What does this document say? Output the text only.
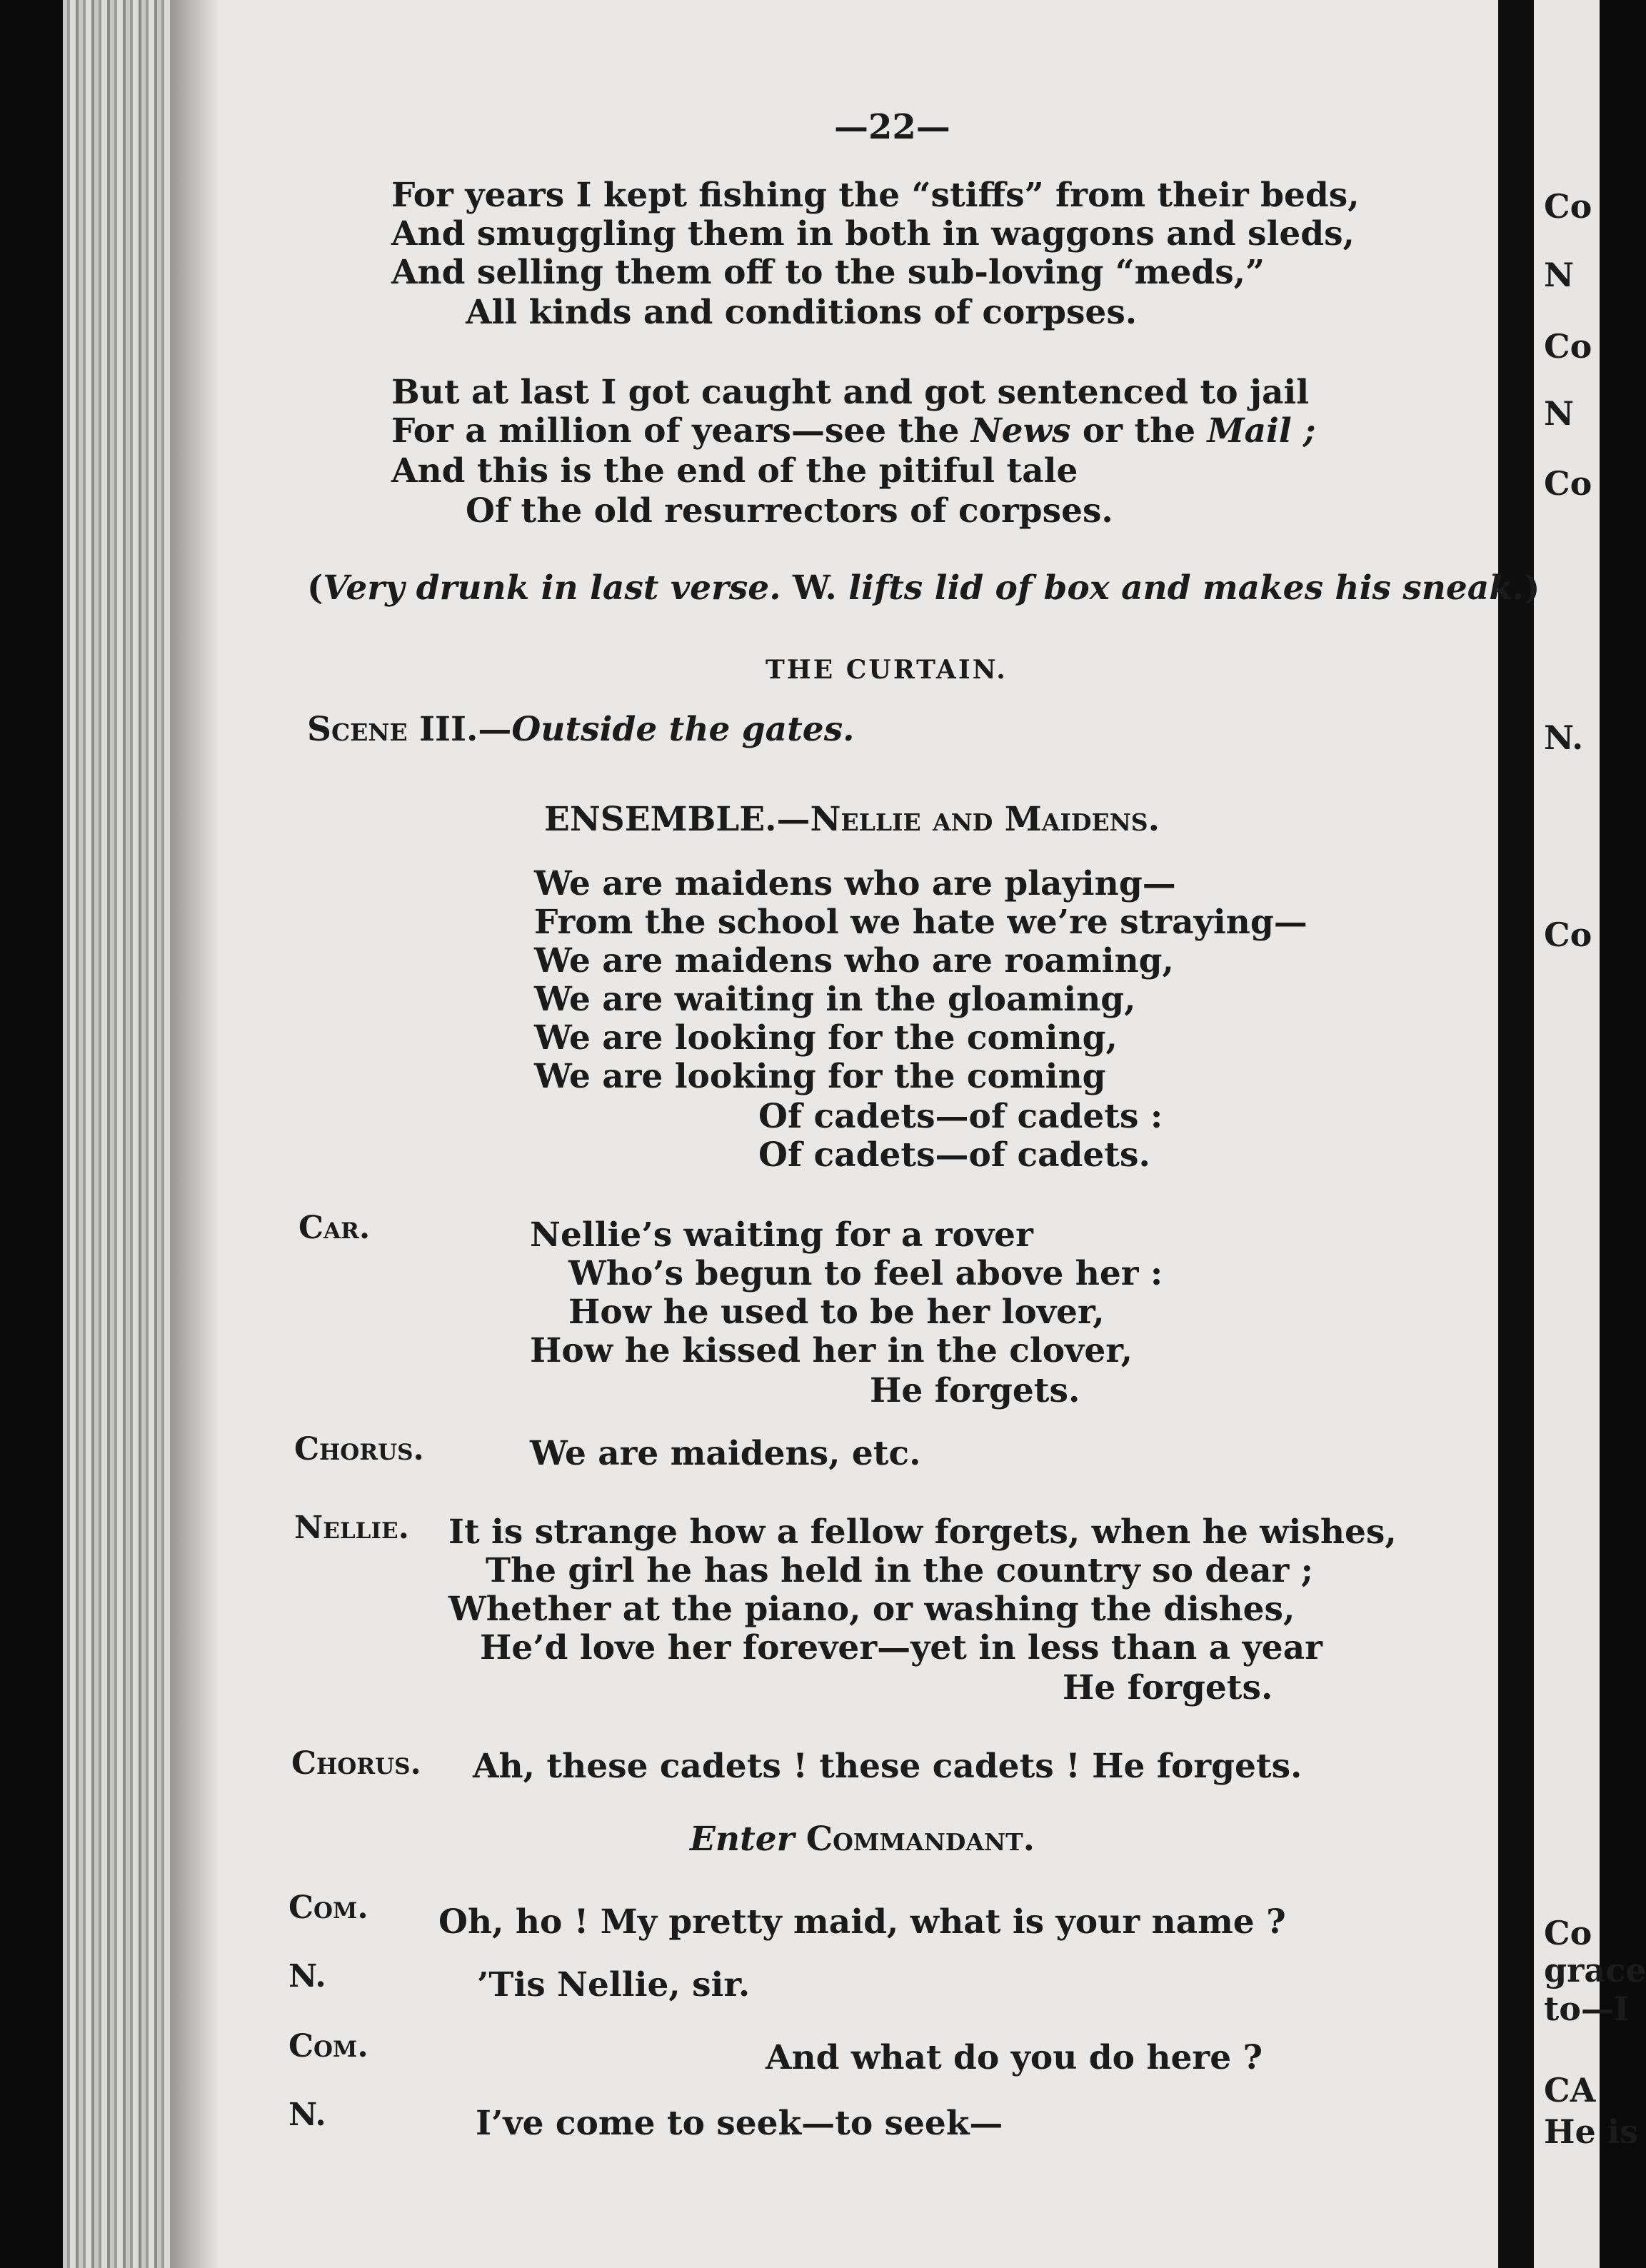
Co
N
Co
N
Co
N.
Co
Co
grace
to—I
CA
He is
—22—
For years I kept fishing the “stiffs” from their beds,
And smuggling them in both in waggons and sleds,
And selling them off to the sub-loving “meds,”
All kinds and conditions of corpses.
But at last I got caught and got sentenced to jail
For a million of years—see the News or the Mail ;
And this is the end of the pitiful tale
Of the old resurrectors of corpses.
(Very drunk in last verse. W. lifts lid of box and makes his sneak.)
THE CURTAIN.
Scene III.—Outside the gates.
ENSEMBLE.—Nellie and Maidens.
We are maidens who are playing—
From the school we hate we’re straying—
We are maidens who are roaming,
We are waiting in the gloaming,
We are looking for the coming,
We are looking for the coming
Of cadets—of cadets :
Of cadets—of cadets.
Car.	Nellie’s waiting for a rover
Who’s begun to feel above her :
How he used to be her lover,
How he kissed her in the clover,
He forgets.
Chorus.	We are maidens, etc.
Nellie. It is strange how a fellow forgets, when he wishes,
The girl he has held in the country so dear ;
Whether at the piano, or washing the dishes,
He’d love her forever—yet in less than a year
He forgets.
Chorus. Ah, these cadets ! these cadets ! He forgets.
Enter Commandant.
Com. Oh, ho ! My pretty maid, what is your name ?
N.	’Tis Nellie, sir.
Com.	And what do you do here ?
N.	I’ve come to seek—to seek—
